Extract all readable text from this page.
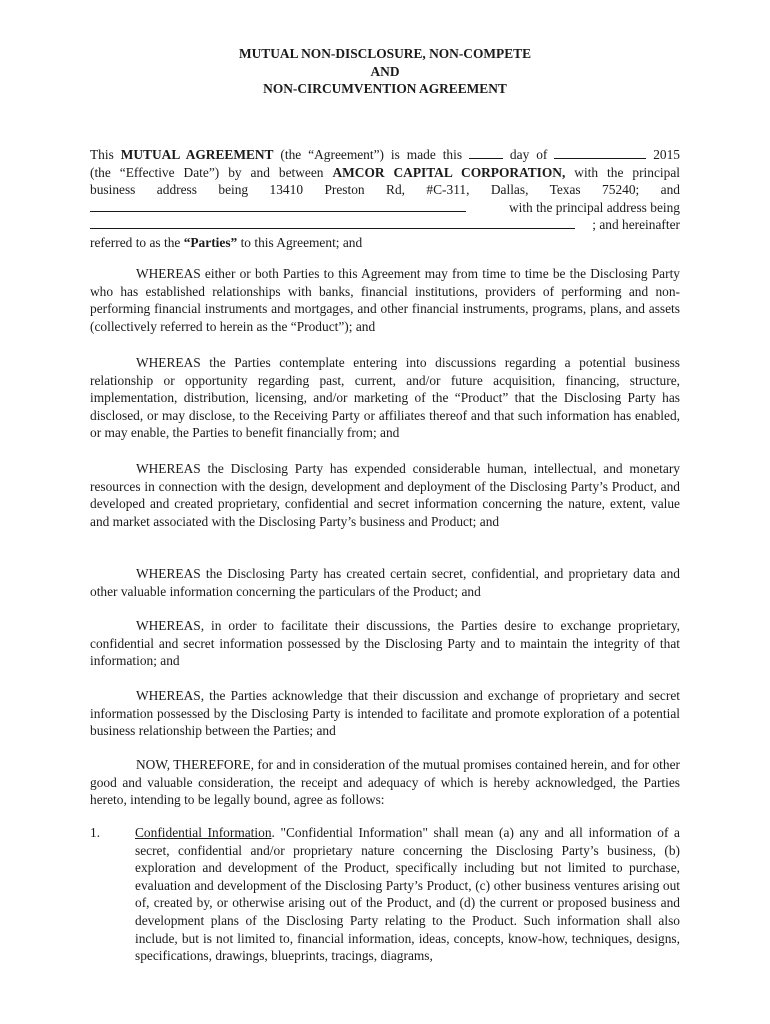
MUTUAL NON-DISCLOSURE, NON-COMPETE
AND
NON-CIRCUMVENTION AGREEMENT
This MUTUAL AGREEMENT (the “Agreement”) is made this	day of	2015
(the “Effective Date”) by and between AMCOR CAPITAL CORPORATION, with the principal
business address being 13410 Preston Rd, #C-311, Dallas, Texas 75240; and
with the principal address being
; and hereinafter
referred to as the “Parties” to this Agreement; and

WHEREAS either or both Parties to this Agreement may from time to time be the Disclosing Party who has established relationships with banks, financial institutions, providers of performing and non-performing financial instruments and mortgages, and other financial instruments, programs, plans, and assets (collectively referred to herein as the “Product”); and

WHEREAS the Parties contemplate entering into discussions regarding a potential business relationship or opportunity regarding past, current, and/or future acquisition, financing, structure, implementation, distribution, licensing, and/or marketing of the “Product” that the Disclosing Party has disclosed, or may disclose, to the Receiving Party or affiliates thereof and that such information has enabled, or may enable, the Parties to benefit financially from; and

WHEREAS the Disclosing Party has expended considerable human, intellectual, and monetary resources in connection with the design, development and deployment of the Disclosing Party’s Product, and developed and created proprietary, confidential and secret information concerning the nature, extent, value and market associated with the Disclosing Party’s business and Product; and

WHEREAS the Disclosing Party has created certain secret, confidential, and proprietary data and other valuable information concerning the particulars of the Product; and

WHEREAS, in order to facilitate their discussions, the Parties desire to exchange proprietary, confidential and secret information possessed by the Disclosing Party and to maintain the integrity of that information; and

WHEREAS, the Parties acknowledge that their discussion and exchange of proprietary and secret information possessed by the Disclosing Party is intended to facilitate and promote exploration of a potential business relationship between the Parties; and

NOW, THEREFORE, for and in consideration of the mutual promises contained herein, and for other good and valuable consideration, the receipt and adequacy of which is hereby acknowledged, the Parties hereto, intending to be legally bound, agree as follows:

1.	Confidential Information. "Confidential Information" shall mean (a) any and all information of a secret, confidential and/or proprietary nature concerning the Disclosing Party’s business, (b) exploration and development of the Product, specifically including but not limited to purchase, evaluation and development of the Disclosing Party’s Product, (c) other business ventures arising out of, created by, or otherwise arising out of the Product, and (d) the current or proposed business and development plans of the Disclosing Party relating to the Product. Such information shall also include, but is not limited to, financial information, ideas, concepts, know-how, techniques, designs, specifications, drawings, blueprints, tracings, diagrams,
